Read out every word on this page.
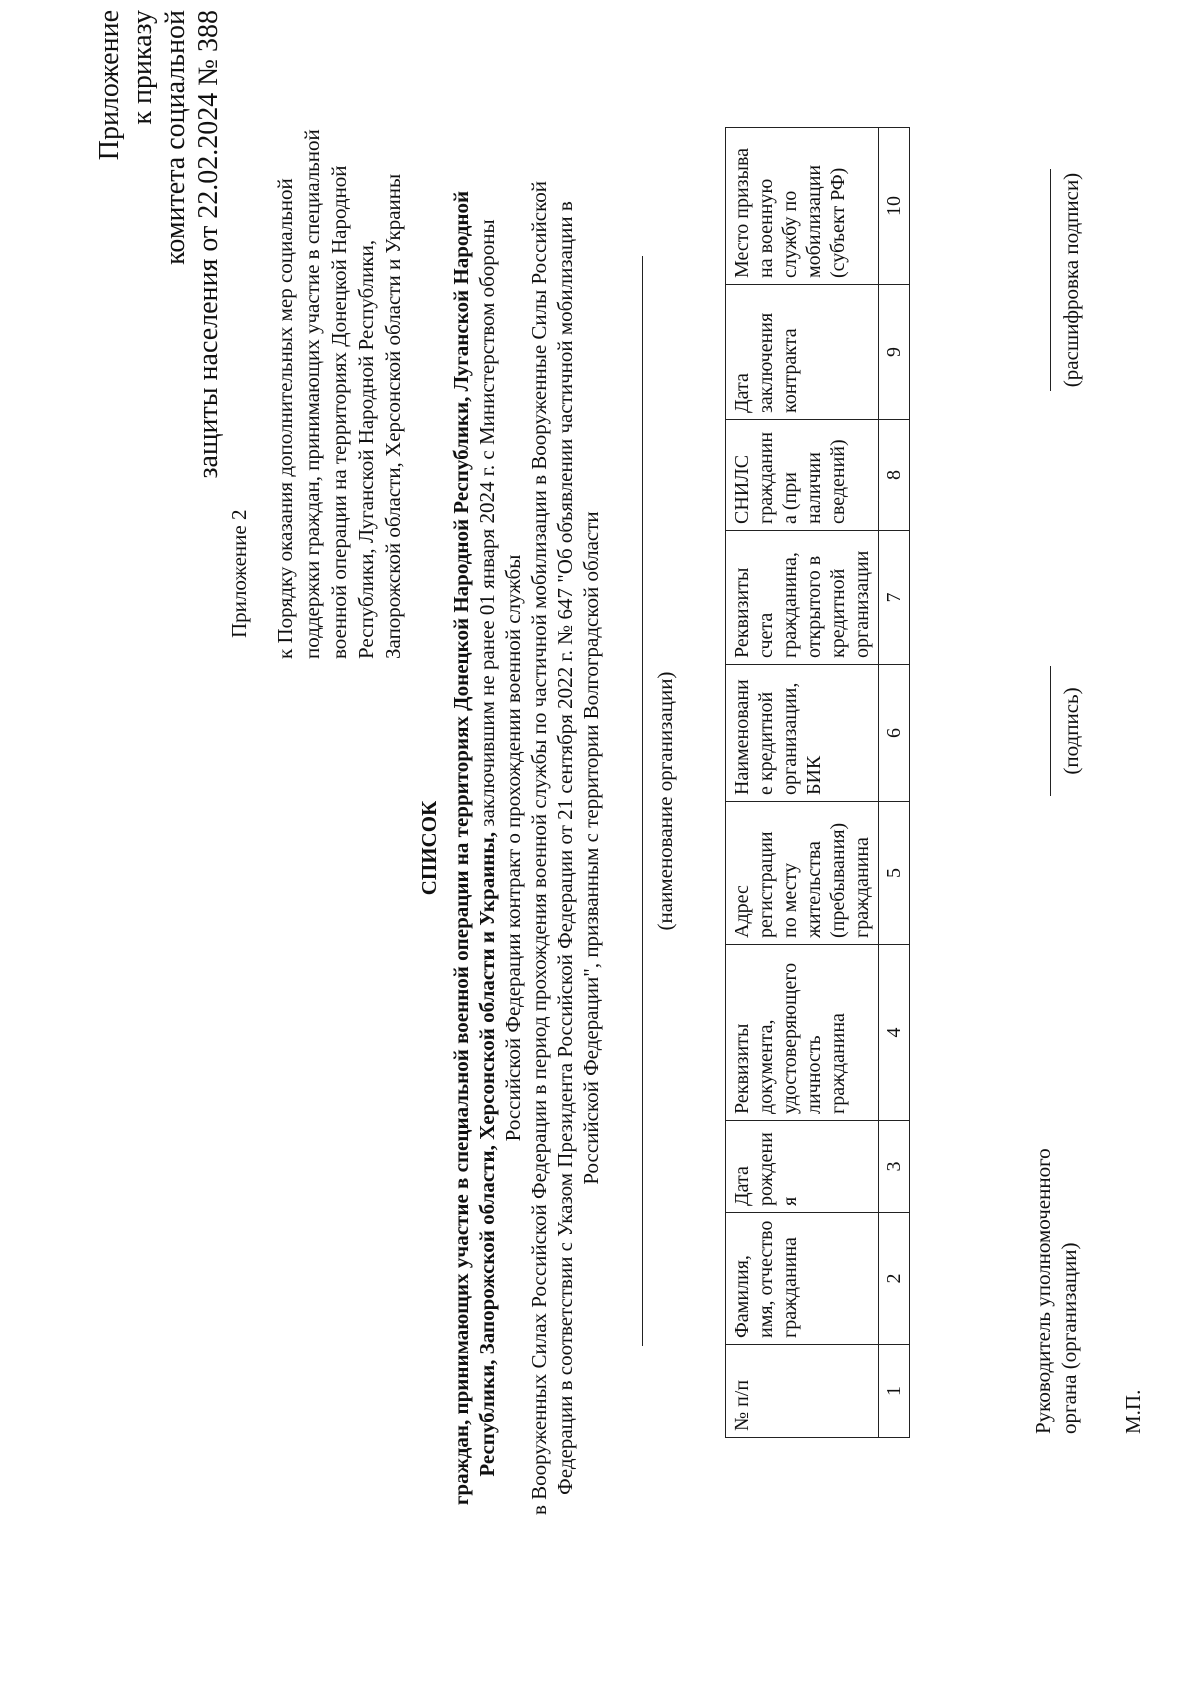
Приложение к приказу комитета социальной защиты населения от 22.02.2024 № 388
Приложение 2 к Порядку оказания дополнительных мер социальной поддержки граждан, принимающих участие в специальной военной операции на территориях Донецкой Народной Республики, Луганской Народной Республики, Запорожской области, Херсонской области и Украины
СПИСОК граждан, принимающих участие в специальной военной операции на территориях Донецкой Народной Республики, Луганской Народной Республики, Запорожской области, Херсонской области и Украины, заключившим не ранее 01 января 2024 г. с Министерством обороны
Российской Федерации контракт о прохождении военной службы в Вооруженных Силах Российской Федерации в период прохождения военной службы по частичной мобилизации в Вооруженные Силы Российской Федерации в соответствии с Указом Президента Российской Федерации от 21 сентября 2022 г. № 647 "Об объявлении частичной мобилизации в Российской Федерации", призванным с территории Волгоградской области (наименование организации)
№ п/п	Фамилия, имя, отчество гражданина	Дата рождения	Реквизиты документа, удостоверяющего личность гражданина	Адрес регистрации по месту жительства (пребывания) гражданина	Наименование кредитной организации, БИК	Реквизиты счета гражданина, открытого в кредитной организации	СНИЛС гражданина (при наличии сведений)	Дата заключения контракта	Место призыва на военную службу по мобилизации (субъект РФ)
1	2	3	4	5	6	7	8	9	10
Руководитель уполномоченного органа (организации)
(подпись)
(расшифровка подписи)
М.П.
